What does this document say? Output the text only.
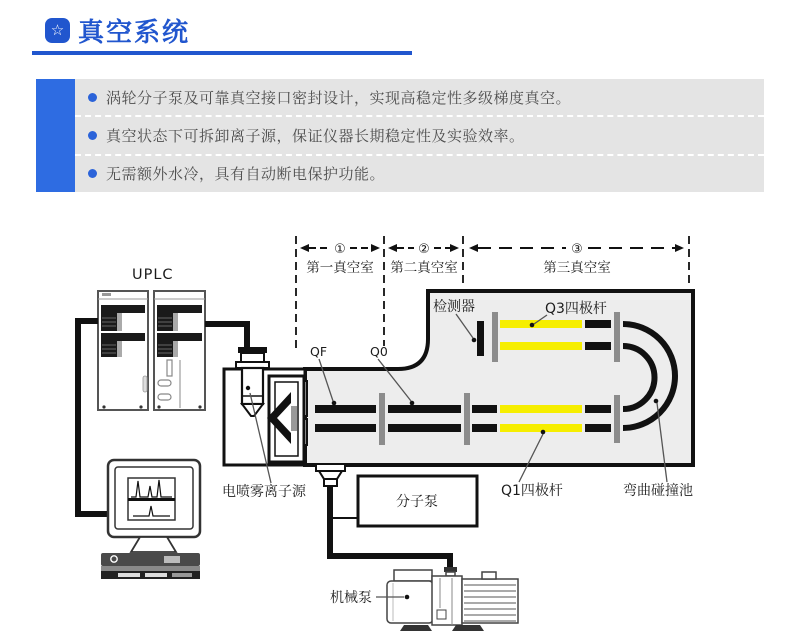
☆ 真空系统
涡轮分子泵及可靠真空接口密封设计，实现高稳定性多级梯度真空。
真空状态下可拆卸离子源，保证仪器长期稳定性及实验效率。
无需额外水冷，具有自动断电保护功能。
①	②	③
第一真空室 第二真空室	第三真空室
UPLC
分子泵
QF	Q0
检测器	Q3四极杆
Q1四极杆	弯曲碰撞池
电喷雾离子源
机械泵
